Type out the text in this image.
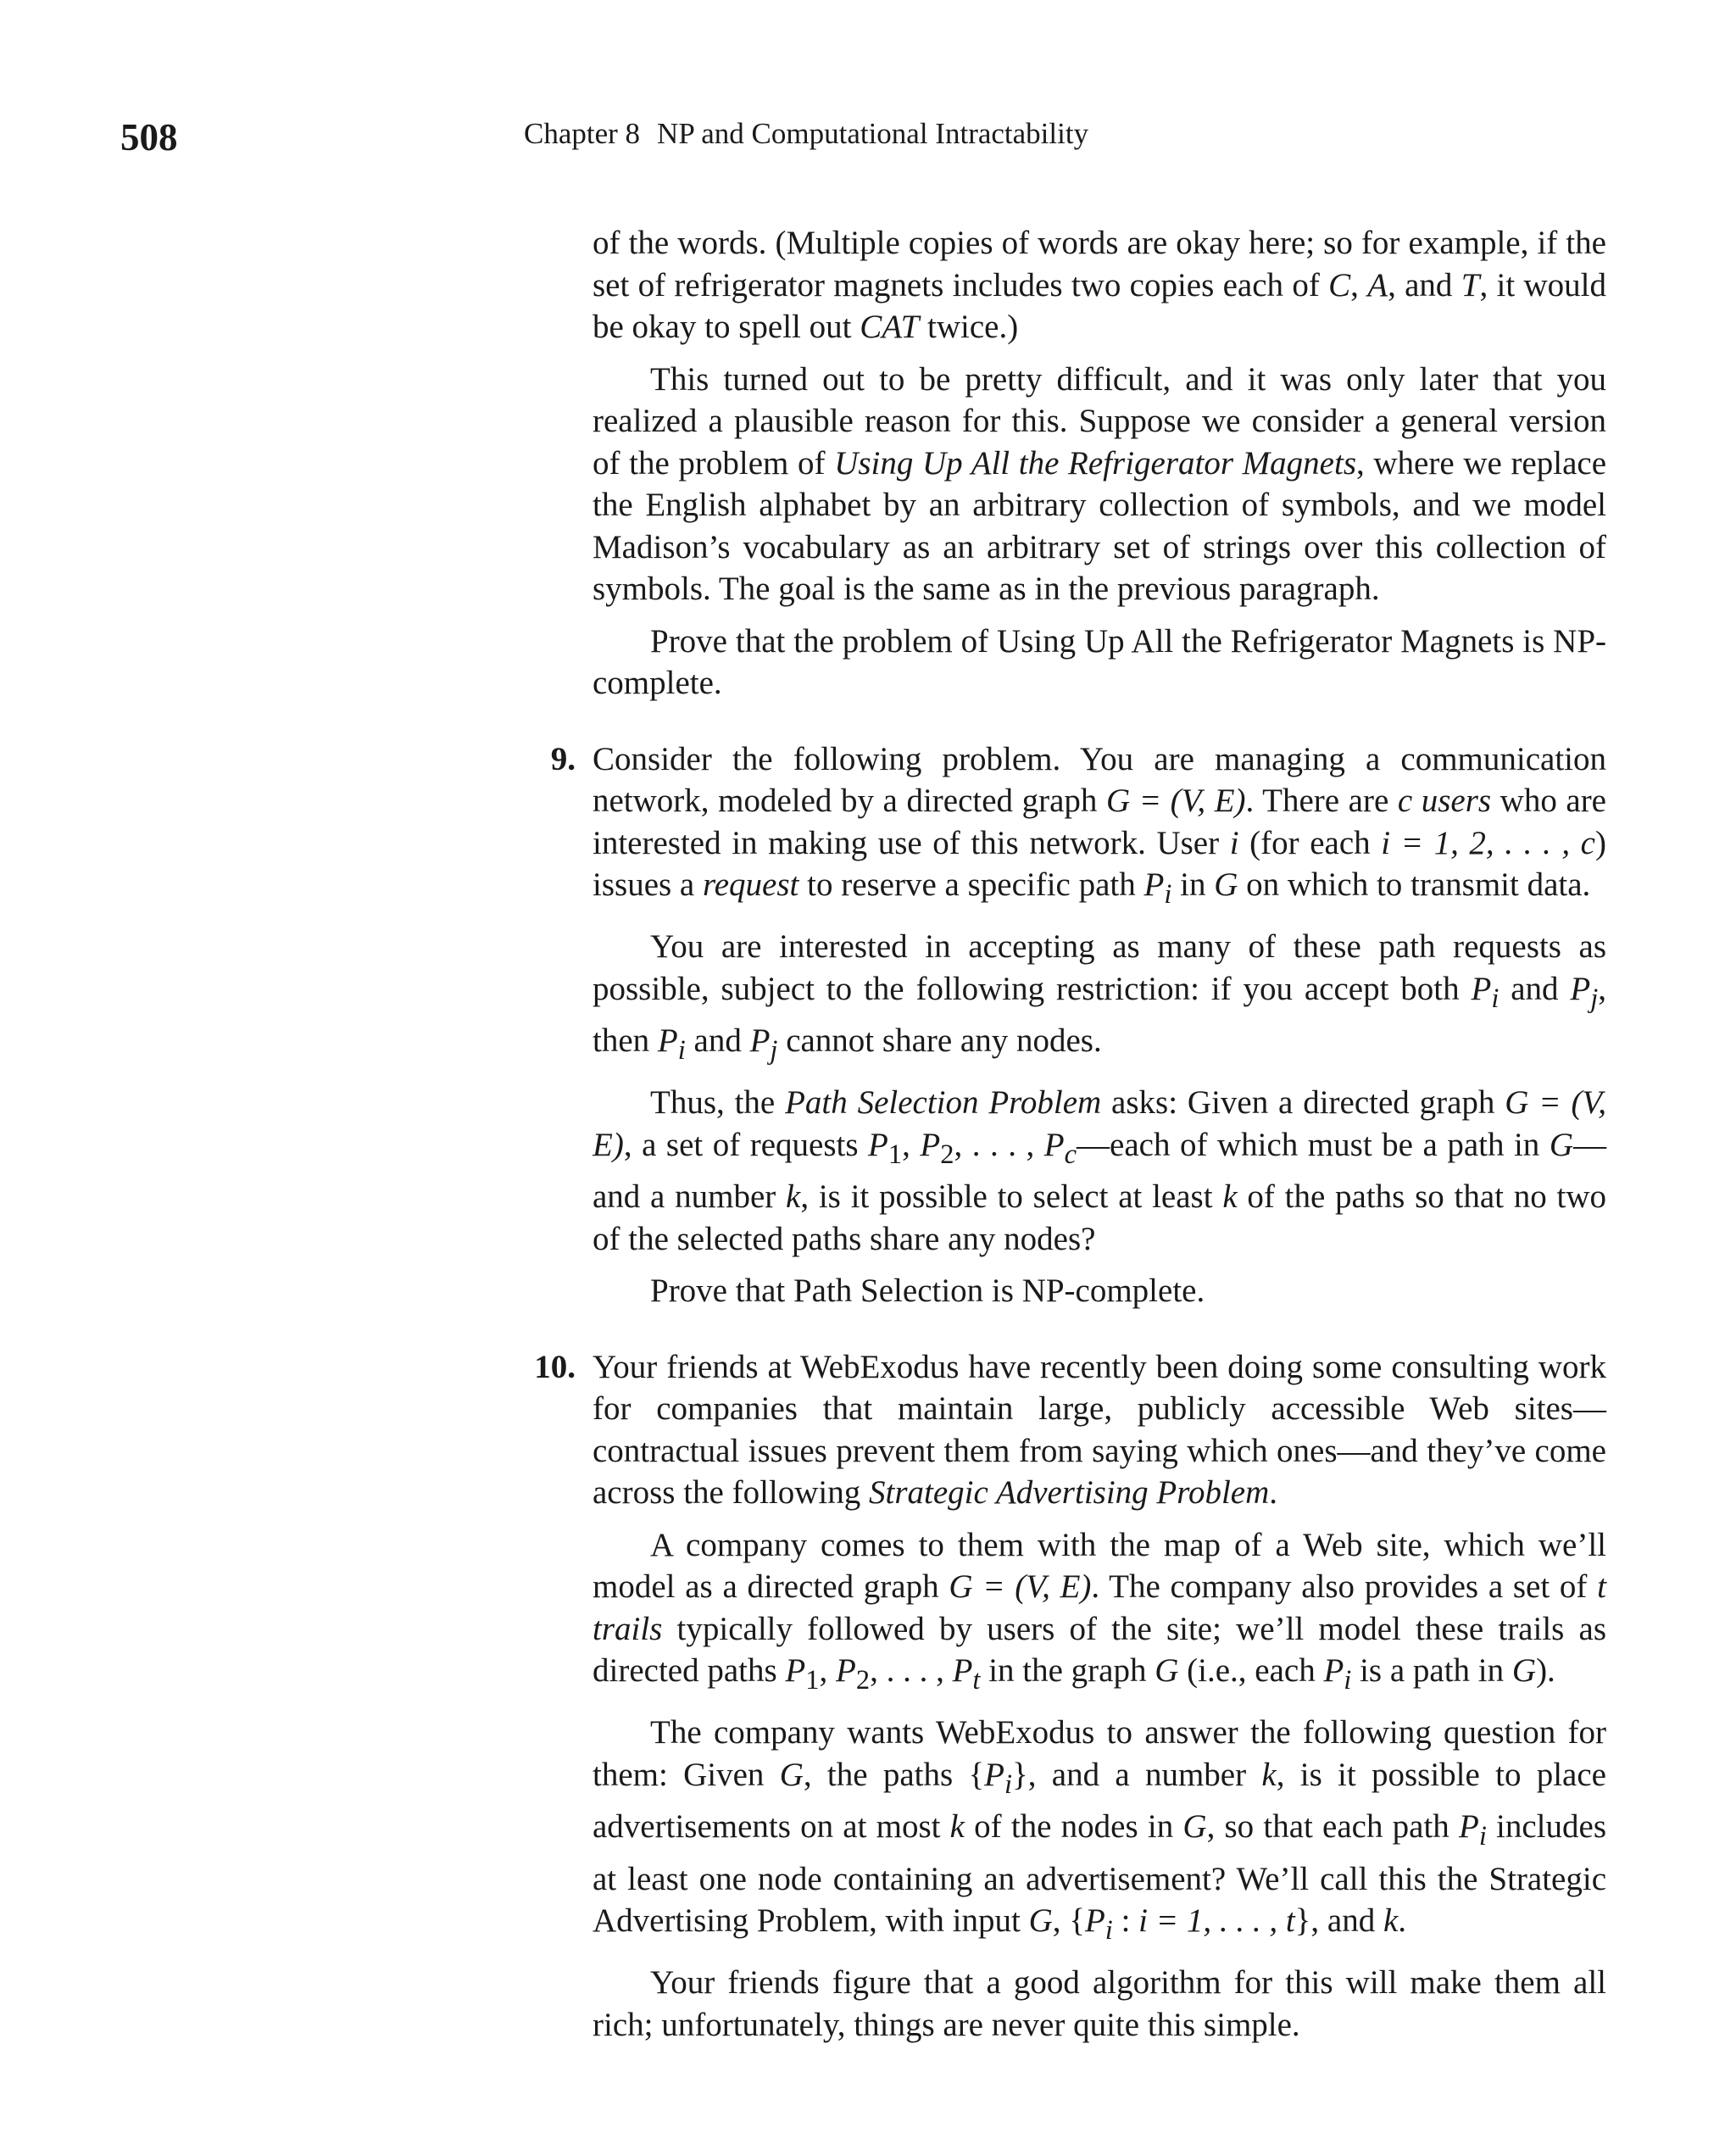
508	Chapter 8 NP and Computational Intractability

of the words. (Multiple copies of words are okay here; so for example, if the set of refrigerator magnets includes two copies each of C, A, and T, it would be okay to spell out CAT twice.)

This turned out to be pretty difficult, and it was only later that you realized a plausible reason for this. Suppose we consider a general version of the problem of Using Up All the Refrigerator Magnets, where we replace the English alphabet by an arbitrary collection of symbols, and we model Madison’s vocabulary as an arbitrary set of strings over this collection of symbols. The goal is the same as in the previous paragraph.

Prove that the problem of Using Up All the Refrigerator Magnets is NP-complete.

9. Consider the following problem. You are managing a communication network, modeled by a directed graph G = (V, E). There are c users who are interested in making use of this network. User i (for each i = 1, 2, . . . , c) issues a request to reserve a specific path $P_i$ in G on which to transmit data.

You are interested in accepting as many of these path requests as possible, subject to the following restriction: if you accept both $P_i$ and $P_j$, then $P_i$ and $P_j$ cannot share any nodes.

Thus, the Path Selection Problem asks: Given a directed graph G = (V, E), a set of requests $P_1$, $P_2$, . . . , $P_c—each$ of which must be a path in G—and a number k, is it possible to select at least k of the paths so that no two of the selected paths share any nodes?

Prove that Path Selection is NP-complete.

10. Your friends at WebExodus have recently been doing some consulting work for companies that maintain large, publicly accessible Web sites—contractual issues prevent them from saying which ones—and they’ve come across the following Strategic Advertising Problem.

A company comes to them with the map of a Web site, which we’ll model as a directed graph G = (V, E). The company also provides a set of t trails typically followed by users of the site; we’ll model these trails as directed paths $P_1$, $P_2$, . . . , $P_t$ in the graph G (i.e., each $P_i$ is a path in G).

The company wants WebExodus to answer the following question for them: Given G, the paths $\{P_i\}$, and a number k, is it possible to place advertisements on at most k of the nodes in G, so that each path $P_i$ includes at least one node containing an advertisement? We’ll call this the Strategic Advertising Problem, with input G, {$P_i$ : i = 1, . . . , t}, and k.

Your friends figure that a good algorithm for this will make them all rich; unfortunately, things are never quite this simple.
